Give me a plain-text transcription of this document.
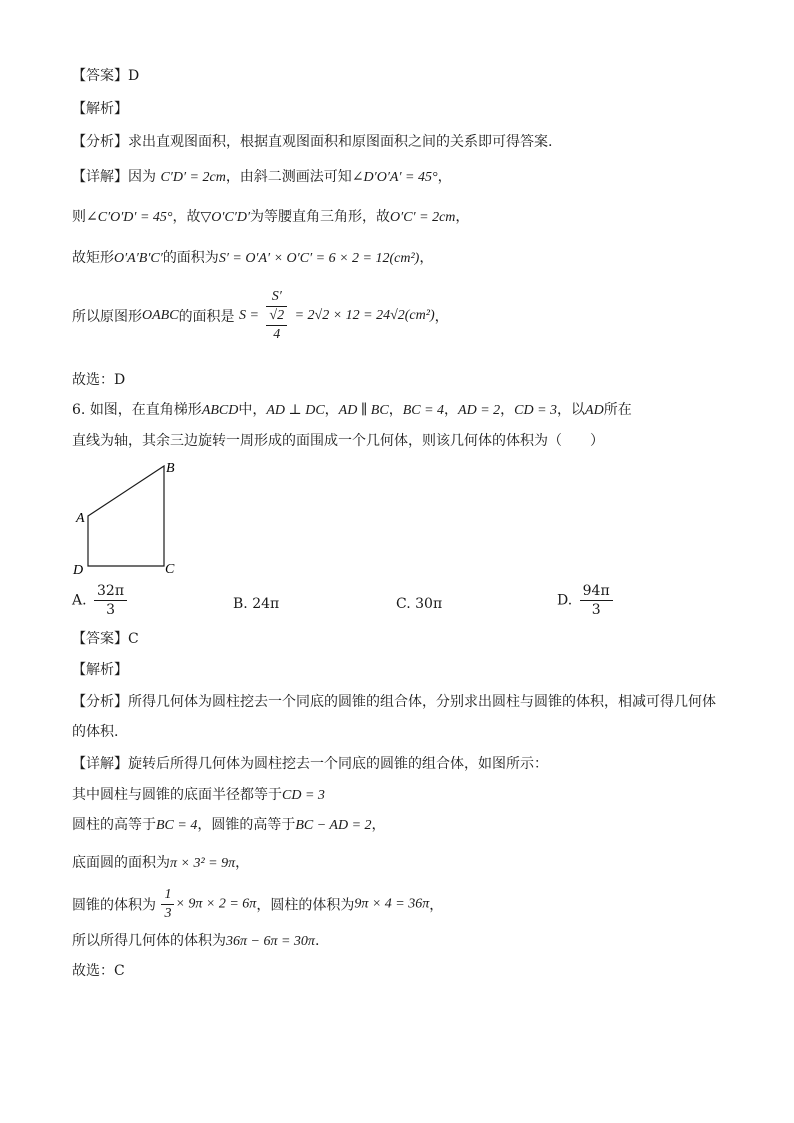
【答案】D
【解析】
【分析】求出直观图面积，根据直观图面积和原图面积之间的关系即可得答案.
【详解】因为 C′D′ = 2cm，由斜二测画法可知∠D′O′A′ = 45°，
则∠C′O′D′ = 45°，故▽O′C′D′为等腰直角三角形，故O′C′ = 2cm，
故矩形O′A′B′C′的面积为S′ = O′A′ × O′C′ = 6 × 2 = 12(cm²)，
所以原图形OABC的面积是 $S = \frac{S'}{\frac{√2}{4}} = 2√2 \times 12 = 24√2(cm^2)$，
故选：D
6. 如图，在直角梯形ABCD中，AD ⊥ DC，AD ∥ BC，BC = 4，AD = 2，CD = 3，以AD所在
直线为轴，其余三边旋转一周形成的面围成一个几何体，则该几何体的体积为（　　）
A
B
C
D
A. $\frac{32\pi}{3}$	B. 24π	C. 30π	D. $\frac{94\pi}{3}$
【答案】C
【解析】
【分析】所得几何体为圆柱挖去一个同底的圆锥的组合体，分别求出圆柱与圆锥的体积，相减可得几何体
的体积.
【详解】旋转后所得几何体为圆柱挖去一个同底的圆锥的组合体，如图所示：
其中圆柱与圆锥的底面半径都等于CD = 3
圆柱的高等于BC = 4，圆锥的高等于BC − AD = 2，
底面圆的面积为π × 3² = 9π，
圆锥的体积为 $\frac{1}{3} \times 9\pi \times 2 = 6\pi$，圆柱的体积为9π × 4 = 36π，
所以所得几何体的体积为36π − 6π = 30π.
故选：C
